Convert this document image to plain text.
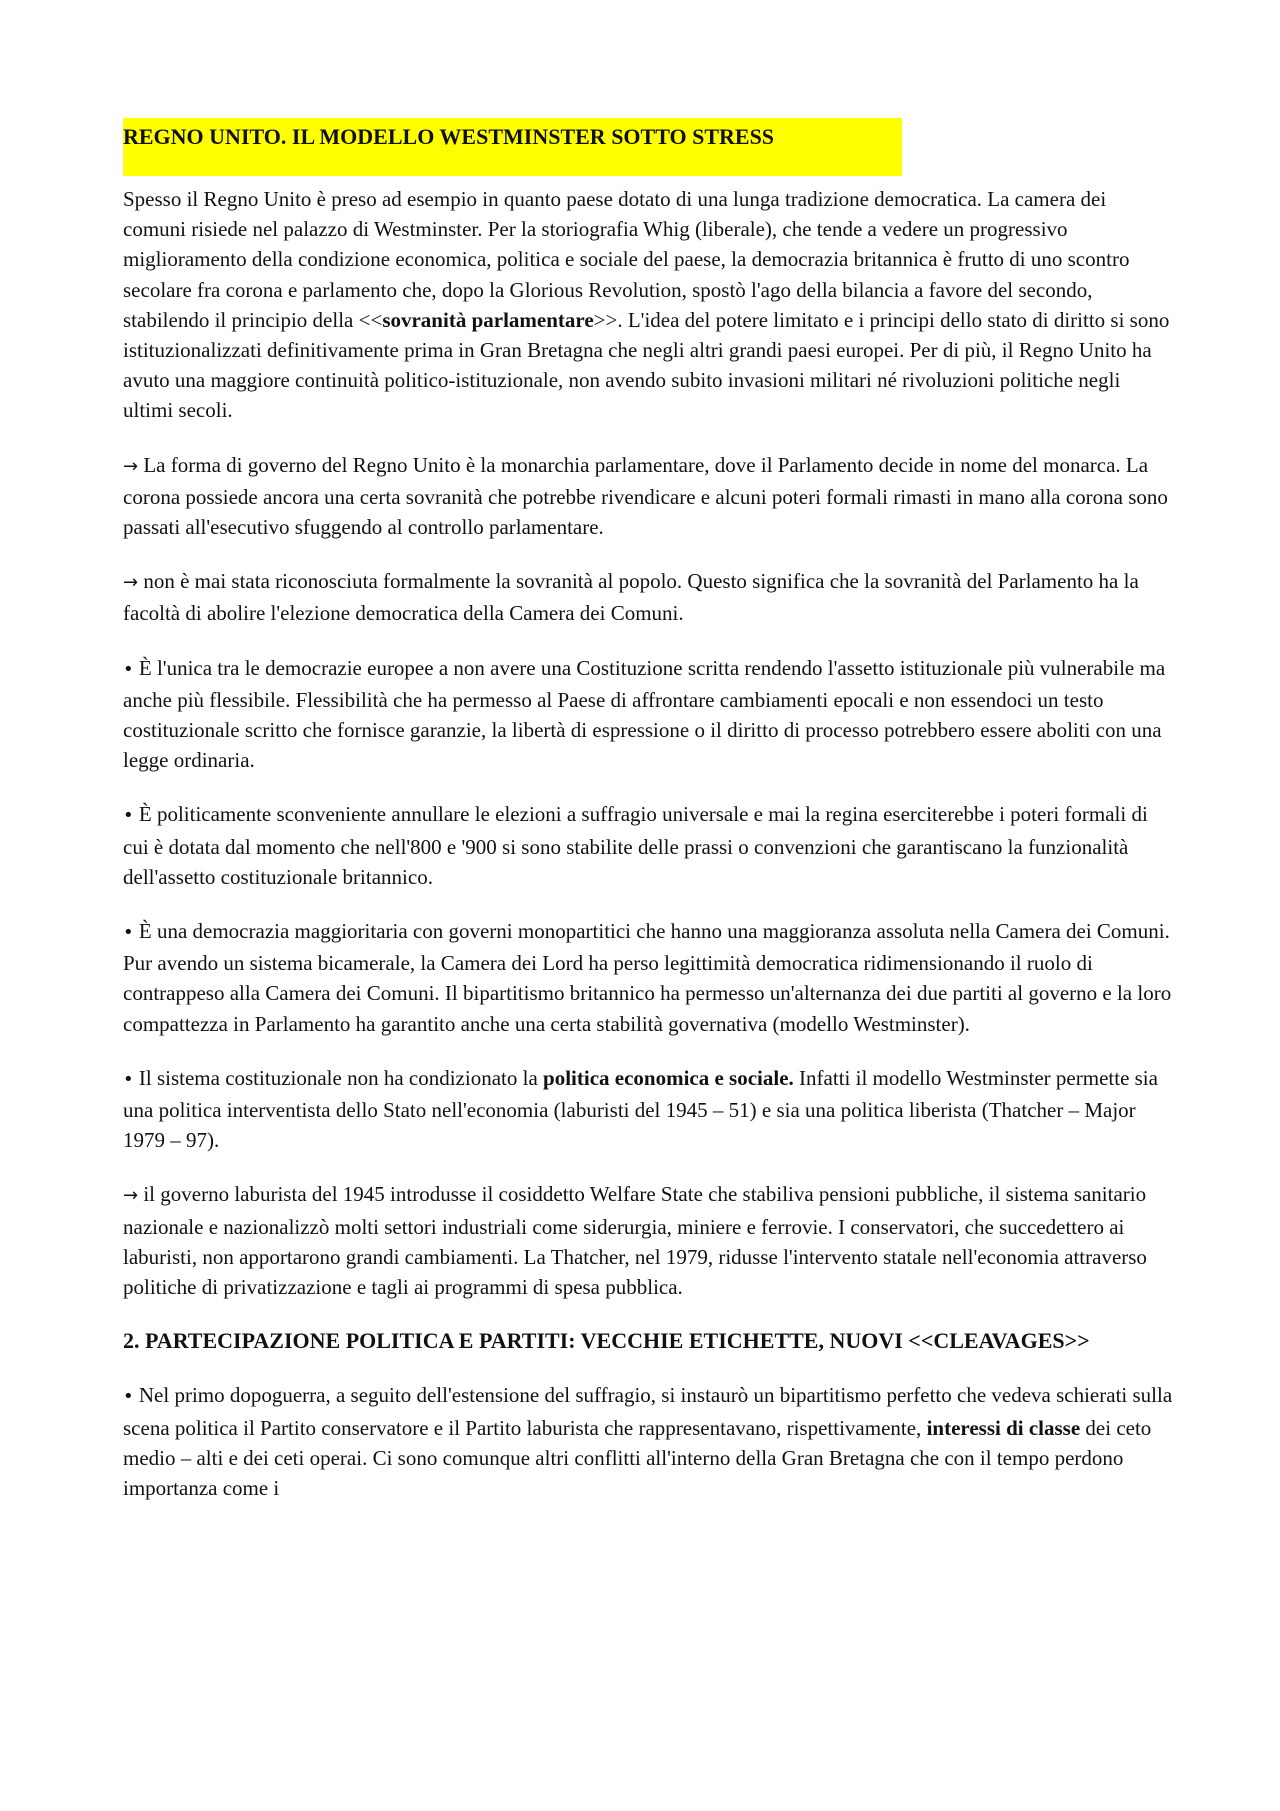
REGNO UNITO. IL MODELLO WESTMINSTER SOTTO STRESS

Spesso il Regno Unito è preso ad esempio in quanto paese dotato di una lunga tradizione democratica. La camera dei comuni risiede nel palazzo di Westminster. Per la storiografia Whig (liberale), che tende a vedere un progressivo miglioramento della condizione economica, politica e sociale del paese, la democrazia britannica è frutto di uno scontro secolare fra corona e parlamento che, dopo la Glorious Revolution, spostò l'ago della bilancia a favore del secondo, stabilendo il principio della <<sovranità parlamentare>>. L'idea del potere limitato e i principi dello stato di diritto si sono istituzionalizzati definitivamente prima in Gran Bretagna che negli altri grandi paesi europei. Per di più, il Regno Unito ha avuto una maggiore continuità politico-istituzionale, non avendo subito invasioni militari né rivoluzioni politiche negli ultimi secoli.

→ La forma di governo del Regno Unito è la monarchia parlamentare, dove il Parlamento decide in nome del monarca. La corona possiede ancora una certa sovranità che potrebbe rivendicare e alcuni poteri formali rimasti in mano alla corona sono passati all'esecutivo sfuggendo al controllo parlamentare.

→ non è mai stata riconosciuta formalmente la sovranità al popolo. Questo significa che la sovranità del Parlamento ha la facoltà di abolire l'elezione democratica della Camera dei Comuni.

• È l'unica tra le democrazie europee a non avere una Costituzione scritta rendendo l'assetto istituzionale più vulnerabile ma anche più flessibile. Flessibilità che ha permesso al Paese di affrontare cambiamenti epocali e non essendoci un testo costituzionale scritto che fornisce garanzie, la libertà di espressione o il diritto di processo potrebbero essere aboliti con una legge ordinaria.

• È politicamente sconveniente annullare le elezioni a suffragio universale e mai la regina eserciterebbe i poteri formali di cui è dotata dal momento che nell'800 e '900 si sono stabilite delle prassi o convenzioni che garantiscano la funzionalità dell'assetto costituzionale britannico.

• È una democrazia maggioritaria con governi monopartitici che hanno una maggioranza assoluta nella Camera dei Comuni. Pur avendo un sistema bicamerale, la Camera dei Lord ha perso legittimità democratica ridimensionando il ruolo di contrappeso alla Camera dei Comuni. Il bipartitismo britannico ha permesso un'alternanza dei due partiti al governo e la loro compattezza in Parlamento ha garantito anche una certa stabilità governativa (modello Westminster).

• Il sistema costituzionale non ha condizionato la politica economica e sociale. Infatti il modello Westminster permette sia una politica interventista dello Stato nell'economia (laburisti del 1945 – 51) e sia una politica liberista (Thatcher – Major 1979 – 97).

→ il governo laburista del 1945 introdusse il cosiddetto Welfare State che stabiliva pensioni pubbliche, il sistema sanitario nazionale e nazionalizzò molti settori industriali come siderurgia, miniere e ferrovie. I conservatori, che succedettero ai laburisti, non apportarono grandi cambiamenti. La Thatcher, nel 1979, ridusse l'intervento statale nell'economia attraverso politiche di privatizzazione e tagli ai programmi di spesa pubblica.

2. PARTECIPAZIONE POLITICA E PARTITI: VECCHIE ETICHETTE, NUOVI <<CLEAVAGES>>

• Nel primo dopoguerra, a seguito dell'estensione del suffragio, si instaurò un bipartitismo perfetto che vedeva schierati sulla scena politica il Partito conservatore e il Partito laburista che rappresentavano, rispettivamente, interessi di classe dei ceto medio – alti e dei ceti operai. Ci sono comunque altri conflitti all'interno della Gran Bretagna che con il tempo perdono importanza come i
